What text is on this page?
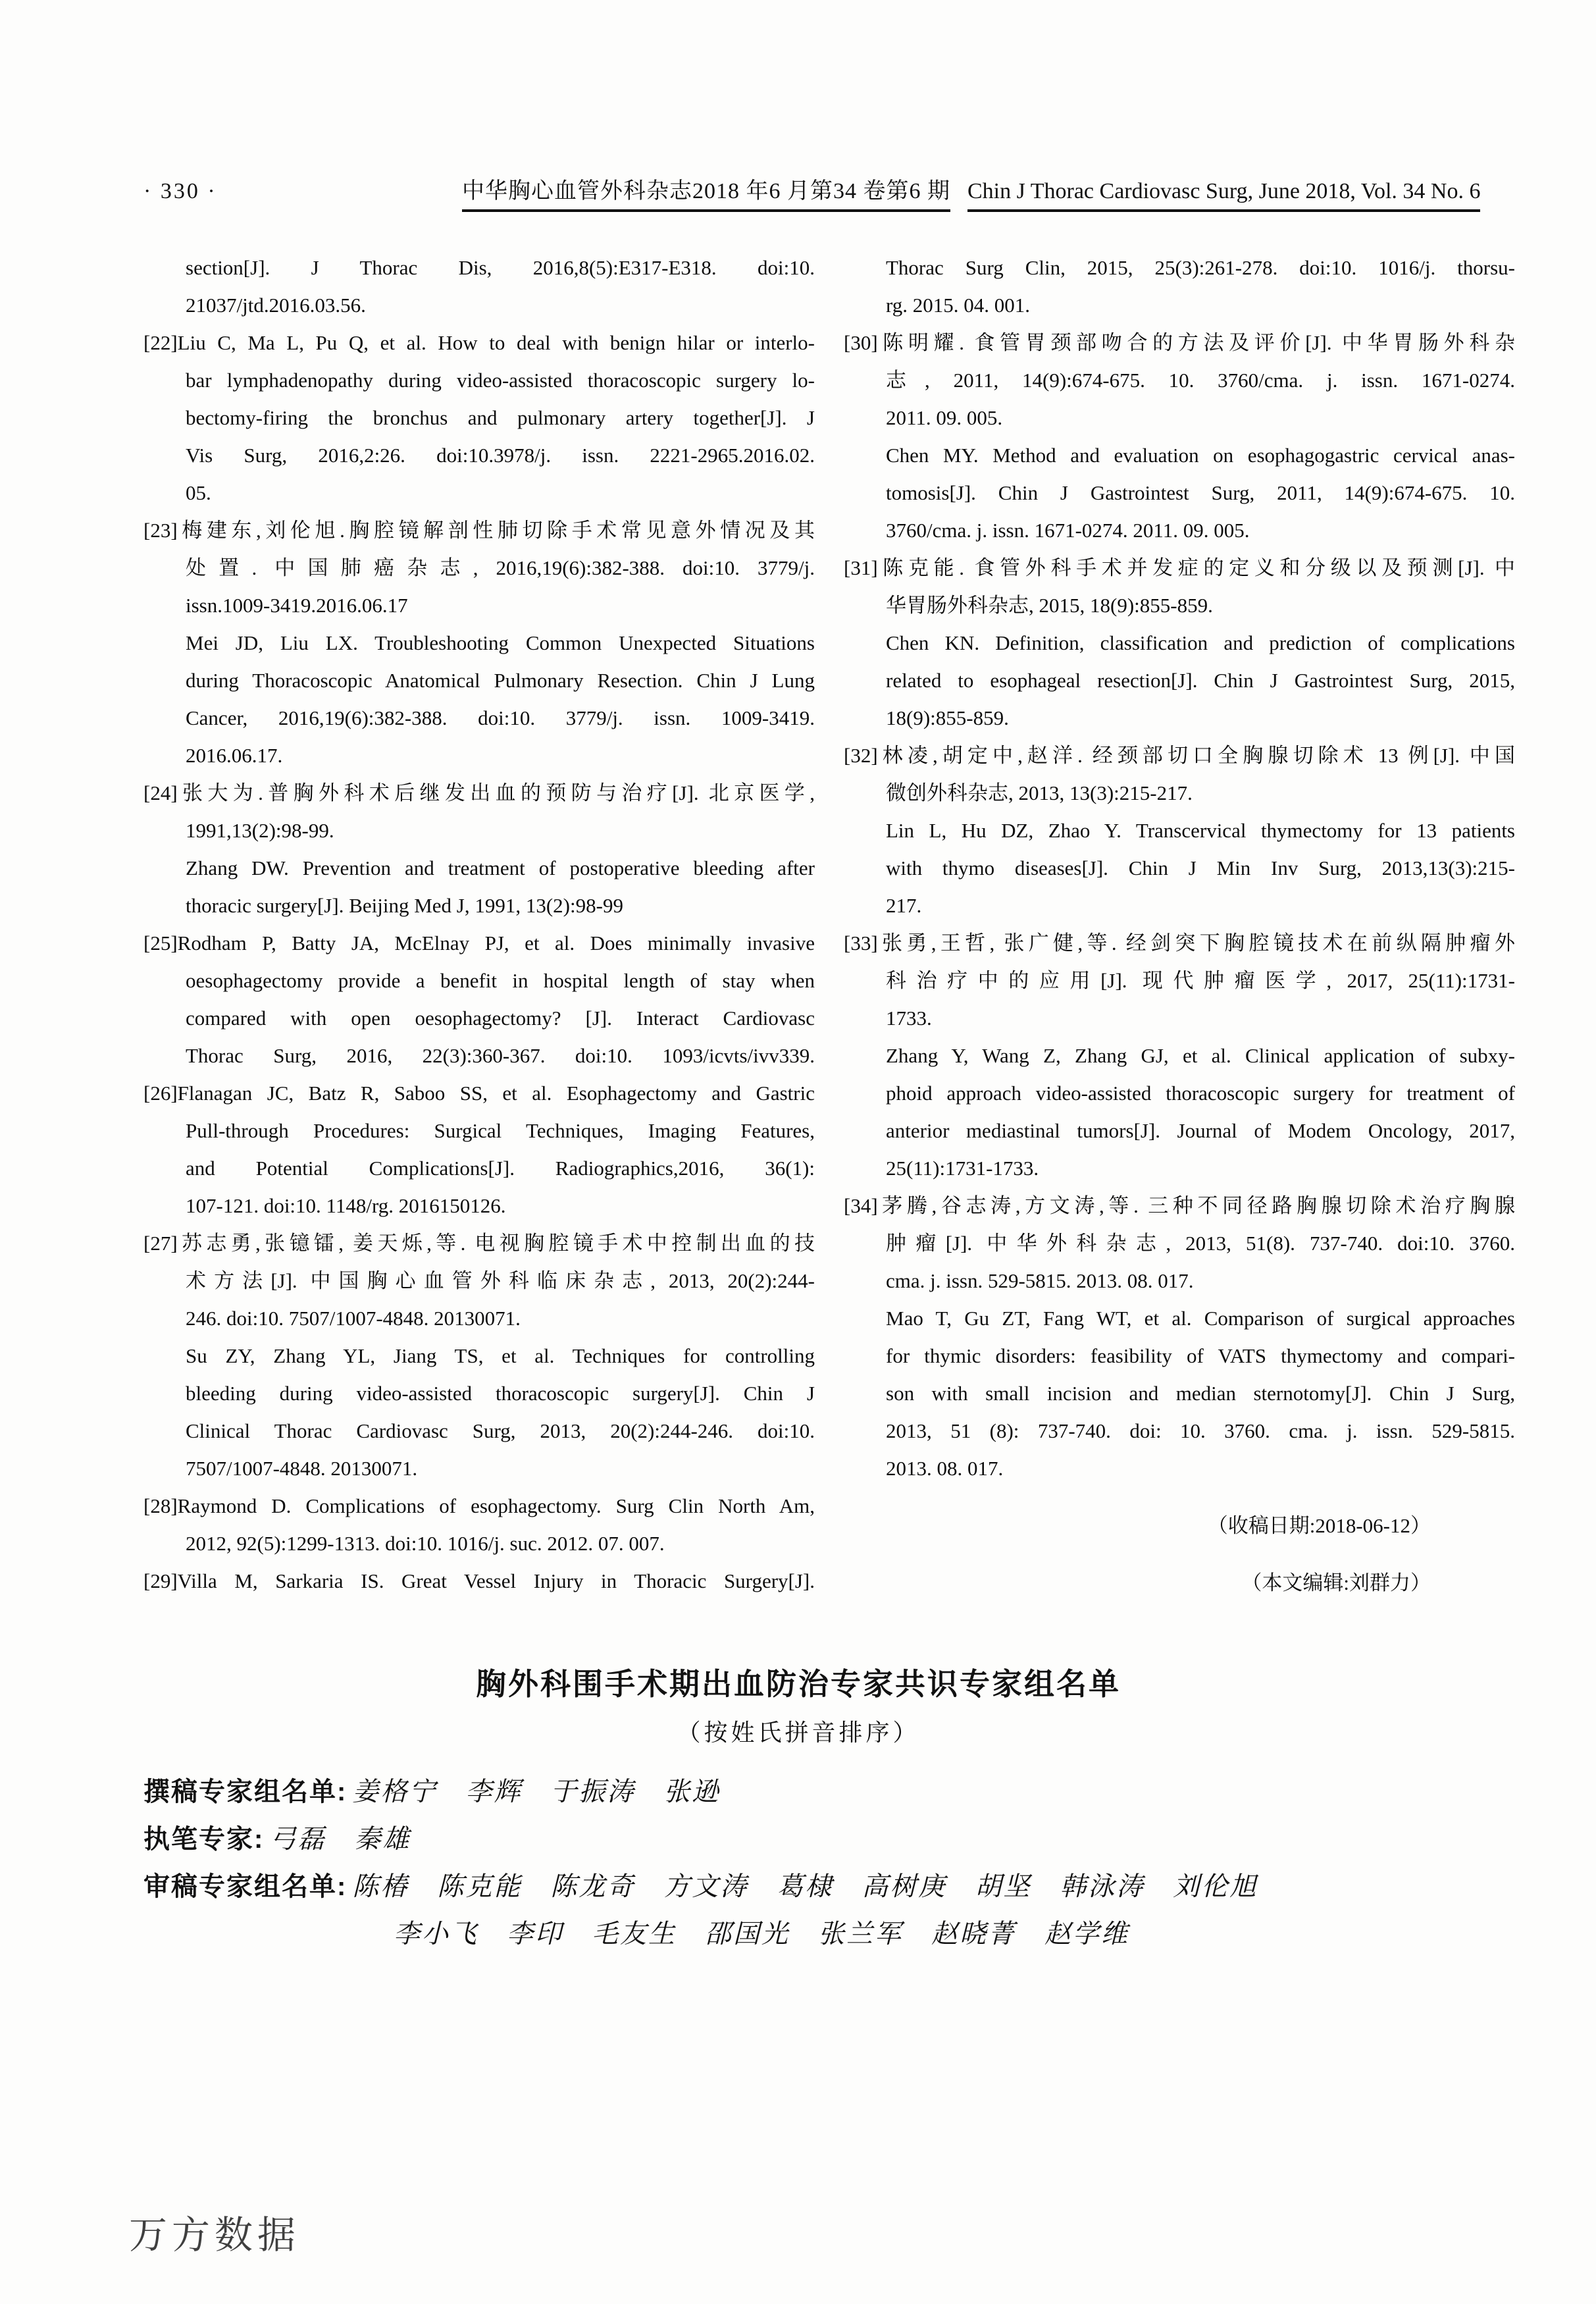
· 330 ·	中华胸心血管外科杂志2018 年6 月第34 卷第6 期 Chin J Thorac Cardiovasc Surg, June 2018, Vol. 34 No. 6
section[J]. J Thorac Dis, 2016,8(5):E317-E318. doi:10.
21037/jtd.2016.03.56.
[22]Liu C, Ma L, Pu Q, et al. How to deal with benign hilar or interlo-
bar lymphadenopathy during video-assisted thoracoscopic surgery lo-
bectomy-firing the bronchus and pulmonary artery together[J]. J
Vis Surg, 2016,2:26. doi:10.3978/j. issn. 2221-2965.2016.02.
05.
[23]梅建东,刘伦旭.胸腔镜解剖性肺切除手术常见意外情况及其
处置. 中国肺癌杂志, 2016,19(6):382-388. doi:10. 3779/j.
issn.1009-3419.2016.06.17
Mei JD, Liu LX. Troubleshooting Common Unexpected Situations
during Thoracoscopic Anatomical Pulmonary Resection. Chin J Lung
Cancer, 2016,19(6):382-388. doi:10. 3779/j. issn. 1009-3419.
2016.06.17.
[24]张大为.普胸外科术后继发出血的预防与治疗[J]. 北京医学,
1991,13(2):98-99.
Zhang DW. Prevention and treatment of postoperative bleeding after
thoracic surgery[J]. Beijing Med J, 1991, 13(2):98-99
[25]Rodham P, Batty JA, McElnay PJ, et al. Does minimally invasive
oesophagectomy provide a benefit in hospital length of stay when
compared with open oesophagectomy? [J]. Interact Cardiovasc
Thorac Surg, 2016, 22(3):360-367. doi:10. 1093/icvts/ivv339.
[26]Flanagan JC, Batz R, Saboo SS, et al. Esophagectomy and Gastric
Pull-through Procedures: Surgical Techniques, Imaging Features,
and Potential Complications[J]. Radiographics,2016, 36(1):
107-121. doi:10. 1148/rg. 2016150126.
[27]苏志勇,张镱镭, 姜天烁,等. 电视胸腔镜手术中控制出血的技
术方法[J]. 中国胸心血管外科临床杂志, 2013, 20(2):244-
246. doi:10. 7507/1007-4848. 20130071.
Su ZY, Zhang YL, Jiang TS, et al. Techniques for controlling
bleeding during video-assisted thoracoscopic surgery[J]. Chin J
Clinical Thorac Cardiovasc Surg, 2013, 20(2):244-246. doi:10.
7507/1007-4848. 20130071.
[28]Raymond D. Complications of esophagectomy. Surg Clin North Am,
2012, 92(5):1299-1313. doi:10. 1016/j. suc. 2012. 07. 007.
[29]Villa M, Sarkaria IS. Great Vessel Injury in Thoracic Surgery[J].
Thorac Surg Clin, 2015, 25(3):261-278. doi:10. 1016/j. thorsu-
rg. 2015. 04. 001.
[30]陈明耀. 食管胃颈部吻合的方法及评价[J]. 中华胃肠外科杂
志, 2011, 14(9):674-675. 10. 3760/cma. j. issn. 1671-0274.
2011. 09. 005.
Chen MY. Method and evaluation on esophagogastric cervical anas-
tomosis[J]. Chin J Gastrointest Surg, 2011, 14(9):674-675. 10.
3760/cma. j. issn. 1671-0274. 2011. 09. 005.
[31]陈克能. 食管外科手术并发症的定义和分级以及预测[J]. 中
华胃肠外科杂志, 2015, 18(9):855-859.
Chen KN. Definition, classification and prediction of complications
related to esophageal resection[J]. Chin J Gastrointest Surg, 2015,
18(9):855-859.
[32]林凌,胡定中,赵洋. 经颈部切口全胸腺切除术 13 例[J]. 中国
微创外科杂志, 2013, 13(3):215-217.
Lin L, Hu DZ, Zhao Y. Transcervical thymectomy for 13 patients
with thymo diseases[J]. Chin J Min Inv Surg, 2013,13(3):215-
217.
[33]张勇,王哲, 张广健,等. 经剑突下胸腔镜技术在前纵隔肿瘤外
科治疗中的应用[J]. 现代肿瘤医学, 2017, 25(11):1731-
1733.
Zhang Y, Wang Z, Zhang GJ, et al. Clinical application of subxy-
phoid approach video-assisted thoracoscopic surgery for treatment of
anterior mediastinal tumors[J]. Journal of Modem Oncology, 2017,
25(11):1731-1733.
[34]茅腾,谷志涛,方文涛,等. 三种不同径路胸腺切除术治疗胸腺
肿瘤[J]. 中华外科杂志, 2013, 51(8). 737-740. doi:10. 3760.
cma. j. issn. 529-5815. 2013. 08. 017.
Mao T, Gu ZT, Fang WT, et al. Comparison of surgical approaches
for thymic disorders: feasibility of VATS thymectomy and compari-
son with small incision and median sternotomy[J]. Chin J Surg,
2013, 51 (8): 737-740. doi: 10. 3760. cma. j. issn. 529-5815.
2013. 08. 017.
（收稿日期:2018-06-12）
（本文编辑:刘群力）
胸外科围手术期出血防治专家共识专家组名单
（按姓氏拼音排序）
撰稿专家组名单: 姜格宁　李辉　于振涛　张逊
执笔专家: 弓磊　秦雄
审稿专家组名单: 陈椿　陈克能　陈龙奇　方文涛　葛棣　高树庚　胡坚　韩泳涛　刘伦旭
李小飞　李印　毛友生　邵国光　张兰军　赵晓菁　赵学维
万方数据
